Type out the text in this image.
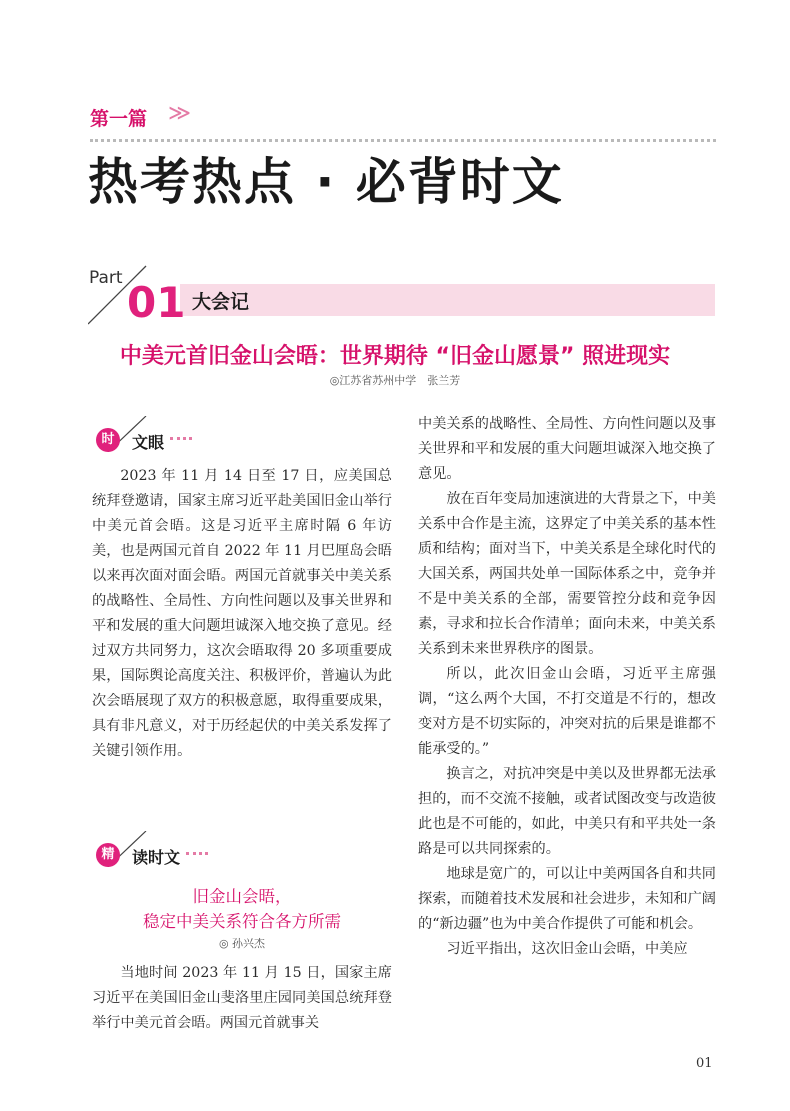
第一篇 ≫
热考热点 · 必背时文
Part 01 大会记
中美元首旧金山会晤：世界期待 “旧金山愿景” 照进现实
◎江苏省苏州中学　张兰芳
时	文眼

2023 年 11 月 14 日至 17 日，应美国总统拜登邀请，国家主席习近平赴美国旧金山举行中美元首会晤。这是习近平主席时隔 6 年访美，也是两国元首自 2022 年 11 月巴厘岛会晤以来再次面对面会晤。两国元首就事关中美关系的战略性、全局性、方向性问题以及事关世界和平和发展的重大问题坦诚深入地交换了意见。经过双方共同努力，这次会晤取得 20 多项重要成果，国际舆论高度关注、积极评价，普遍认为此次会晤展现了双方的积极意愿，取得重要成果，具有非凡意义，对于历经起伏的中美关系发挥了关键引领作用。

精	读时文
旧金山会晤，
稳定中美关系符合各方所需
◎ 孙兴杰

当地时间 2023 年 11 月 15 日，国家主席习近平在美国旧金山斐洛里庄园同美国总统拜登举行中美元首会晤。两国元首就事关

中美关系的战略性、全局性、方向性问题以及事关世界和平和发展的重大问题坦诚深入地交换了意见。

放在百年变局加速演进的大背景之下，中美关系中合作是主流，这界定了中美关系的基本性质和结构；面对当下，中美关系是全球化时代的大国关系，两国共处单一国际体系之中，竞争并不是中美关系的全部，需要管控分歧和竞争因素，寻求和拉长合作清单；面向未来，中美关系关系到未来世界秩序的图景。

所以，此次旧金山会晤，习近平主席强调，“这么两个大国，不打交道是不行的，想改变对方是不切实际的，冲突对抗的后果是谁都不能承受的。”

换言之，对抗冲突是中美以及世界都无法承担的，而不交流不接触，或者试图改变与改造彼此也是不可能的，如此，中美只有和平共处一条路是可以共同探索的。

地球是宽广的，可以让中美两国各自和共同探索，而随着技术发展和社会进步，未知和广阔的“新边疆”也为中美合作提供了可能和机会。

习近平指出，这次旧金山会晤，中美应

01
